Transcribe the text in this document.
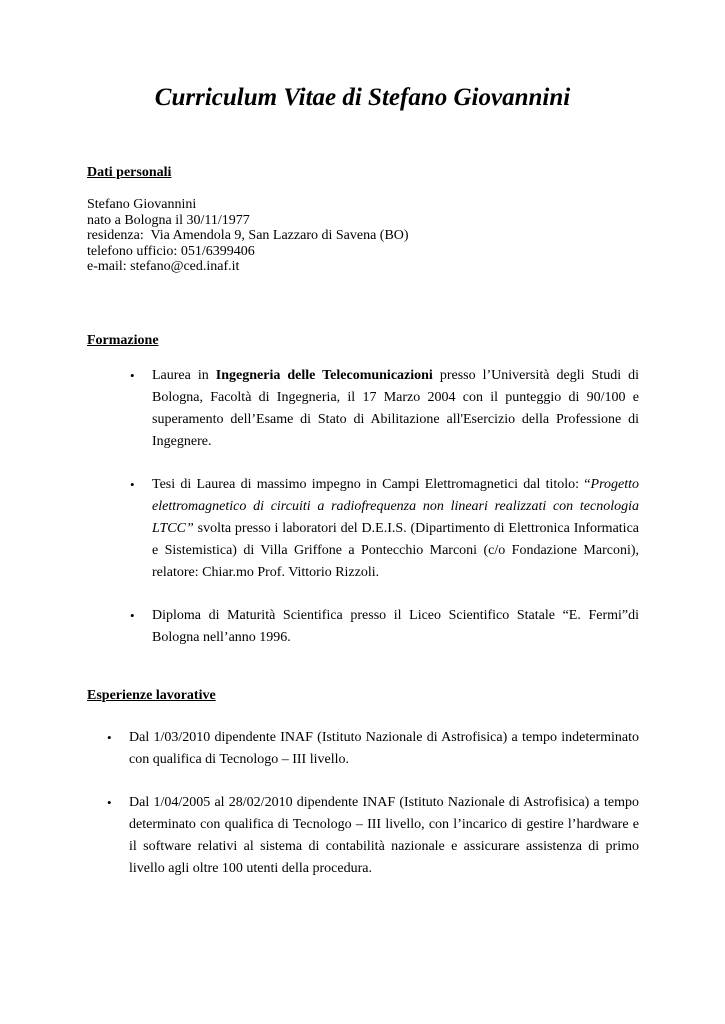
Curriculum Vitae di Stefano Giovannini

Dati personali

Stefano Giovannini
nato a Bologna il 30/11/1977
residenza:  Via Amendola 9, San Lazzaro di Savena (BO)
telefono ufficio: 051/6399406
e-mail: stefano@ced.inaf.it

Formazione

• Laurea in Ingegneria delle Telecomunicazioni presso l’Università degli Studi di Bologna, Facoltà di Ingegneria, il 17 Marzo 2004 con il punteggio di 90/100 e superamento dell’Esame di Stato di Abilitazione all'Esercizio della Professione di Ingegnere.
• Tesi di Laurea di massimo impegno in Campi Elettromagnetici dal titolo: “Progetto elettromagnetico di circuiti a radiofrequenza non lineari realizzati con tecnologia LTCC” svolta presso i laboratori del D.E.I.S. (Dipartimento di Elettronica Informatica e Sistemistica) di Villa Griffone a Pontecchio Marconi (c/o Fondazione Marconi), relatore: Chiar.mo Prof. Vittorio Rizzoli.
• Diploma di Maturità Scientifica presso il Liceo Scientifico Statale “E. Fermi”di Bologna nell’anno 1996.

Esperienze lavorative

• Dal 1/03/2010 dipendente INAF (Istituto Nazionale di Astrofisica) a tempo indeterminato con qualifica di Tecnologo – III livello.
• Dal 1/04/2005 al 28/02/2010 dipendente INAF (Istituto Nazionale di Astrofisica) a tempo determinato con qualifica di Tecnologo – III livello, con l’incarico di gestire l’hardware e il software relativi al sistema di contabilità nazionale e assicurare assistenza di primo livello agli oltre 100 utenti della procedura.
